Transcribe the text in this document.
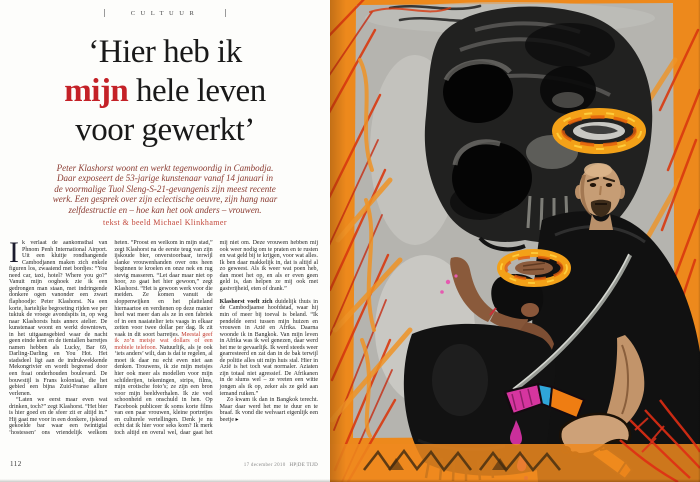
CULTUUR
‘Hier heb ik
mijn hele leven
voor gewerkt’
Peter Klashorst woont en werkt tegenwoordig in Cambodja.
Daar exposeert de 53-jarige kunstenaar vanaf 14 januari in
de voormalige Tuol Sleng-S-21-gevangenis zijn meest recente
werk. Een gesprek over zijn eclectische oeuvre, zijn hang naar
zelfdestructie en – hoe kan het ook anders – vrouwen.
tekst & beeld Michael Klinkhamer

Ik verlaat de aankomsthal van Phnom Penh International Airport. Uit een kluitje rondhangende Cambodjanen maken zich enkele figuren los, zwaaiend met bordjes: “You need car, taxi, hotel? Where you go?” Vanuit mijn ooghoek zie ik een gedrongen man staan, met indringende donkere ogen vanonder een zwart flaphoodje: Peter Klashorst. Na een korte, hartelijke begroeting rijden we per tuktuk de vroege avondspits in, op weg naar Klashorsts huis annex atelier. De kunstenaar woont en werkt downtown, in het uitgaansgebied waar de nacht geen einde kent en de tientallen barretjes namen hebben als Lucky, Bar 69, Darling-Darling en You Hot. Het stadsdeel ligt aan de indrukwekkende Mekongrivier en wordt begrensd door een fraai onderhouden boulevard. De bouwstijl is Frans koloniaal, die het gebied een bijna Zuid-Franse allure verlenen.

“Laten we eerst maar even wat drinken, toch?” zegt Klashorst. “Het bier is hier goed en de sfeer zit er altijd in.” Hij gaat me voor in een donkere, ijskoud gekoelde bar waar een twintigtal ‘hostessen’ ons vriendelijk welkom heten. “Proost en welkom in mijn stad,” zegt Klashorst na de eerste teug van zijn ijskoude bier, onverstoorbaar, terwijl slanke vrouwenhanden over ons heen beginnen te kroelen en onze nek en rug stevig masseren. “Let daar maar niet op hoor, zo gaat het hier gewoon,” zegt Klashorst. “Het is gewoon werk voor die meiden. Ze komen vanuit de sloppenwijken en het platteland hiernaartoe en verdienen op deze manier heel wat meer dan als ze in een fabriek of in een naaiatelier iets vaags in elkaar zetten voor twee dollar per dag. Ik zit vaak in dit soort barretjes. Meestal geef ik zo’n meisje wat dollars of een mobiele telefoon. Natuurlijk, als je ook ‘iets anders’ wilt, dan is dat te regelen, al moet ik daar nu echt even niet aan denken. Trouwens, ik zie mijn meisjes hier ook meer als modellen voor mijn schilderijen, tekeningen, strips, films, mijn erotische foto’s; ze zijn een bron voor mijn beeldverhalen. Ik zie veel schoonheid en onschuld in hen. Op Facebook publiceer ik soms korte films van een paar vrouwen, kleine portretjes en culturele vertellingen. Denk je nu echt dat ik hier voor seks kom? Ik merk toch altijd en overal wel, daar gaat het mij niet om. Deze vrouwen hebben mij ook weer nodig om te praten en te rusten en wat geld bij te krijgen, voor wat alles. Ik ben daar makkelijk in, dat is altijd al zo geweest. Als ik weer wat poen heb, dan moet het op, en als er even geen geld is, dan helpen ze mij ook met gastvrijheid, eten of drank.”

Klashorst voelt zich duidelijk thuis in de Cambodjaanse hoofdstad, waar hij min of meer bij toeval is beland. “Ik pendelde eerst tussen mijn huizen en vrouwen in Azië en Afrika. Daarna woonde ik in Bangkok. Van mijn leven in Afrika was ik wel genezen, daar werd het me te gevaarlijk. Ik werd steeds weer gearresteerd en zat dan in de bak terwijl de politie alles uit mijn huis stal. Hier in Azië is het toch wat normaler. Aziaten zijn totaal niet agressief. De Afrikanen in de slums wel – ze vreten een witte jongen als ik op, zeker als ze geld aan iemand ruiken.”

Zo kwam ik dan in Bangkok terecht. Maar daar werd het me te duur en te braaf. Ik vond die welvaart eigenlijk een beetje ▸

112	17 december 2010 HP|DE TIJD
